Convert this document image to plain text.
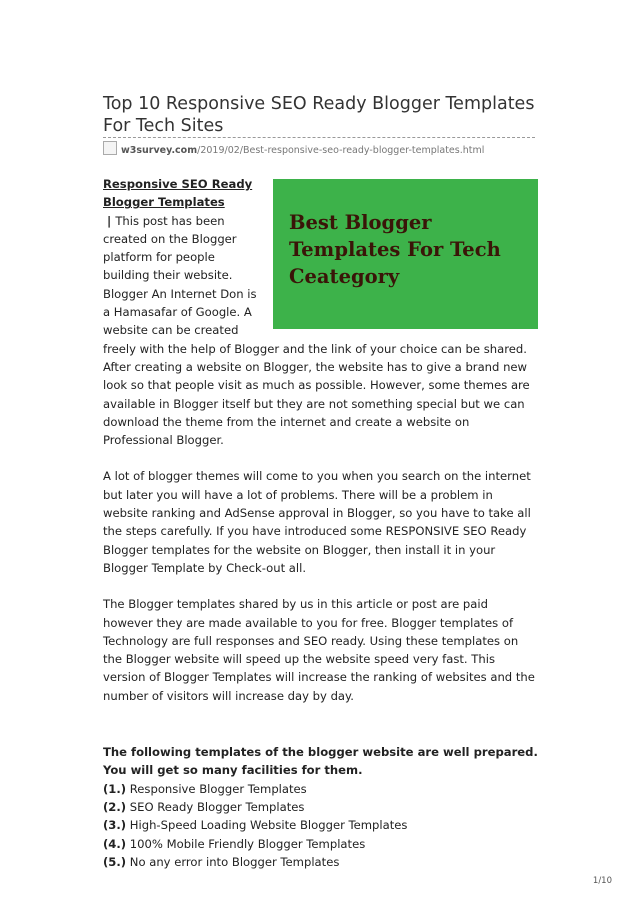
Top 10 Responsive SEO Ready Blogger Templates For Tech Sites
w3survey.com/2019/02/Best-responsive-seo-ready-blogger-templates.html

Best Blogger Templates For Tech Ceategory
Responsive SEO Ready Blogger Templates | This post has been created on the Blogger platform for people building their website. Blogger An Internet Don is a Hamasafar of Google. A website can be created freely with the help of Blogger and the link of your choice can be shared. After creating a website on Blogger, the website has to give a brand new look so that people visit as much as possible. However, some themes are available in Blogger itself but they are not something special but we can download the theme from the internet and create a website on Professional Blogger.

A lot of blogger themes will come to you when you search on the internet but later you will have a lot of problems. There will be a problem in website ranking and AdSense approval in Blogger, so you have to take all the steps carefully. If you have introduced some RESPONSIVE SEO Ready Blogger templates for the website on Blogger, then install it in your Blogger Template by Check-out all.

The Blogger templates shared by us in this article or post are paid however they are made available to you for free. Blogger templates of Technology are full responses and SEO ready. Using these templates on the Blogger website will speed up the website speed very fast. This version of Blogger Templates will increase the ranking of websites and the number of visitors will increase day by day.

The following templates of the blogger website are well prepared. You will get so many facilities for them.

(1.) Responsive Blogger Templates

(2.) SEO Ready Blogger Templates

(3.) High-Speed Loading Website Blogger Templates

(4.) 100% Mobile Friendly Blogger Templates

(5.) No any error into Blogger Templates

1/10
